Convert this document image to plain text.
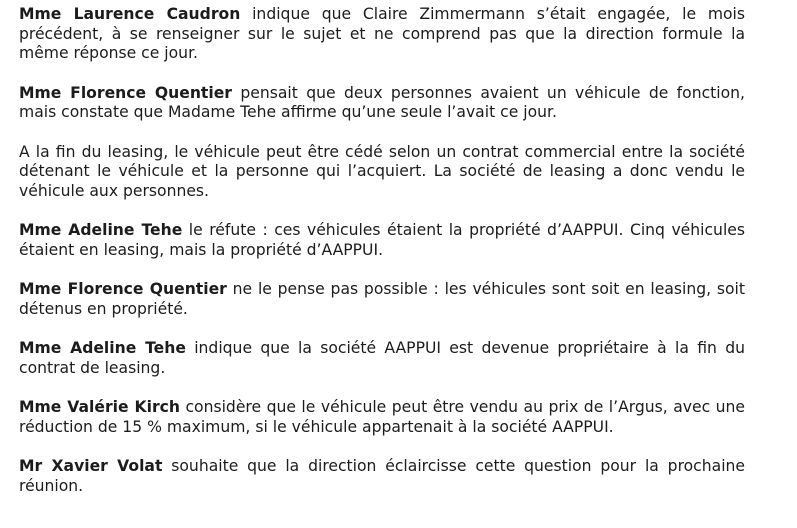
Mme Laurence Caudron indique que Claire Zimmermann s’était engagée, le mois précédent, à se renseigner sur le sujet et ne comprend pas que la direction formule la même réponse ce jour.

Mme Florence Quentier pensait que deux personnes avaient un véhicule de fonction, mais constate que Madame Tehe affirme qu’une seule l’avait ce jour.

A la fin du leasing, le véhicule peut être cédé selon un contrat commercial entre la société détenant le véhicule et la personne qui l’acquiert. La société de leasing a donc vendu le véhicule aux personnes.

Mme Adeline Tehe le réfute : ces véhicules étaient la propriété d’AAPPUI. Cinq véhicules étaient en leasing, mais la propriété d’AAPPUI.

Mme Florence Quentier ne le pense pas possible : les véhicules sont soit en leasing, soit détenus en propriété.

Mme Adeline Tehe indique que la société AAPPUI est devenue propriétaire à la fin du contrat de leasing.

Mme Valérie Kirch considère que le véhicule peut être vendu au prix de l’Argus, avec une réduction de 15 % maximum, si le véhicule appartenait à la société AAPPUI.

Mr Xavier Volat souhaite que la direction éclaircisse cette question pour la prochaine réunion.
